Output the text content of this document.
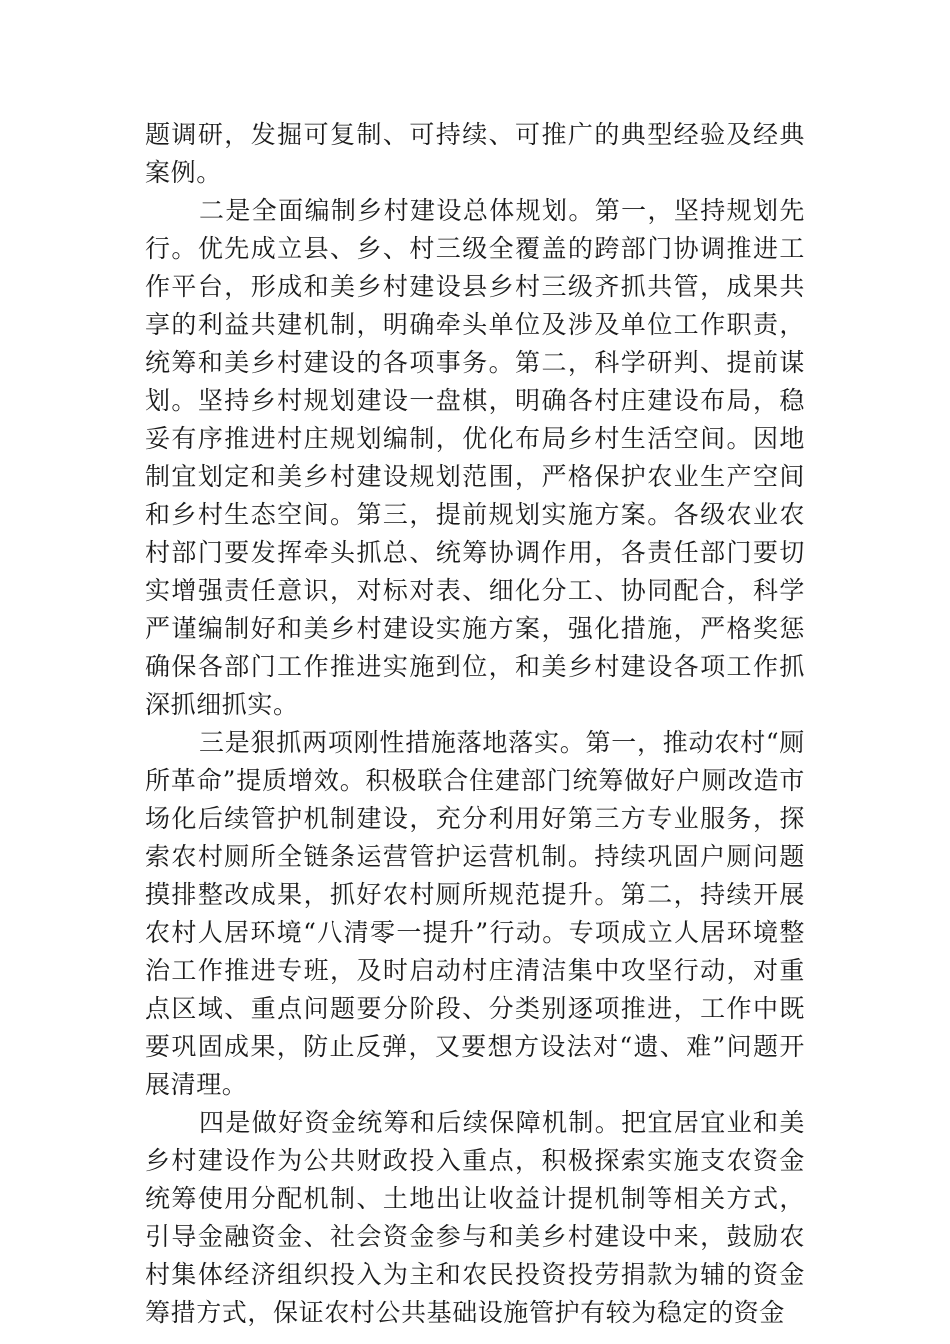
题调研，发掘可复制、可持续、可推广的典型经验及经典案例。

二是全面编制乡村建设总体规划。第一，坚持规划先行。优先成立县、乡、村三级全覆盖的跨部门协调推进工作平台，形成和美乡村建设县乡村三级齐抓共管，成果共享的利益共建机制，明确牵头单位及涉及单位工作职责，统筹和美乡村建设的各项事务。第二，科学研判、提前谋划。坚持乡村规划建设一盘棋，明确各村庄建设布局，稳妥有序推进村庄规划编制，优化布局乡村生活空间。因地制宜划定和美乡村建设规划范围，严格保护农业生产空间和乡村生态空间。第三，提前规划实施方案。各级农业农村部门要发挥牵头抓总、统筹协调作用，各责任部门要切实增强责任意识，对标对表、细化分工、协同配合，科学严谨编制好和美乡村建设实施方案，强化措施，严格奖惩确保各部门工作推进实施到位，和美乡村建设各项工作抓深抓细抓实。

三是狠抓两项刚性措施落地落实。第一，推动农村“厕所革命”提质增效。积极联合住建部门统筹做好户厕改造市场化后续管护机制建设，充分利用好第三方专业服务，探索农村厕所全链条运营管护运营机制。持续巩固户厕问题摸排整改成果，抓好农村厕所规范提升。第二，持续开展农村人居环境“八清零一提升”行动。专项成立人居环境整治工作推进专班，及时启动村庄清洁集中攻坚行动，对重点区域、重点问题要分阶段、分类别逐项推进，工作中既要巩固成果，防止反弹，又要想方设法对“遗、难”问题开展清理。

四是做好资金统筹和后续保障机制。把宜居宜业和美乡村建设作为公共财政投入重点，积极探索实施支农资金统筹使用分配机制、土地出让收益计提机制等相关方式，引导金融资金、社会资金参与和美乡村建设中来，鼓励农村集体经济组织投入为主和农民投资投劳捐款为辅的资金筹措方式，保证农村公共基础设施管护有较为稳定的资金
